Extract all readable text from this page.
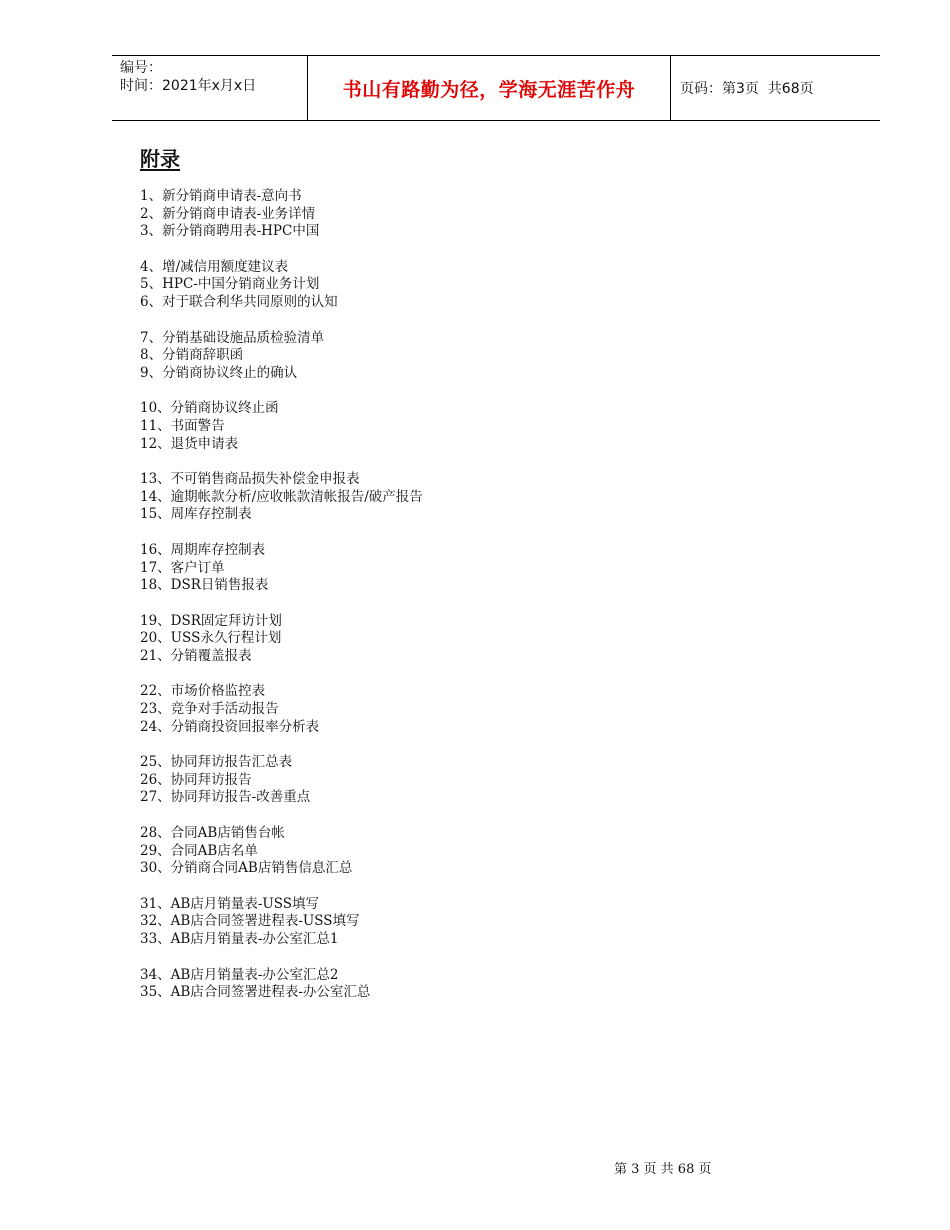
编号：
时间：2021年x月x日	书山有路勤为径，学海无涯苦作舟	页码：第3页  共68页
附录
1、新分销商申请表-意向书
2、新分销商申请表-业务详情
3、新分销商聘用表-HPC中国
4、增/减信用额度建议表
5、HPC-中国分销商业务计划
6、对于联合利华共同原则的认知
7、分销基础设施品质检验清单
8、分销商辞职函
9、分销商协议终止的确认
10、分销商协议终止函
11、书面警告
12、退货申请表
13、不可销售商品损失补偿金申报表
14、逾期帐款分析/应收帐款清帐报告/破产报告
15、周库存控制表
16、周期库存控制表
17、客户订单
18、DSR日销售报表
19、DSR固定拜访计划
20、USS永久行程计划
21、分销覆盖报表
22、市场价格监控表
23、竞争对手活动报告
24、分销商投资回报率分析表
25、协同拜访报告汇总表
26、协同拜访报告
27、协同拜访报告-改善重点
28、合同AB店销售台帐
29、合同AB店名单
30、分销商合同AB店销售信息汇总
31、AB店月销量表-USS填写
32、AB店合同签署进程表-USS填写
33、AB店月销量表-办公室汇总1
34、AB店月销量表-办公室汇总2
35、AB店合同签署进程表-办公室汇总
第 3 页 共 68 页
